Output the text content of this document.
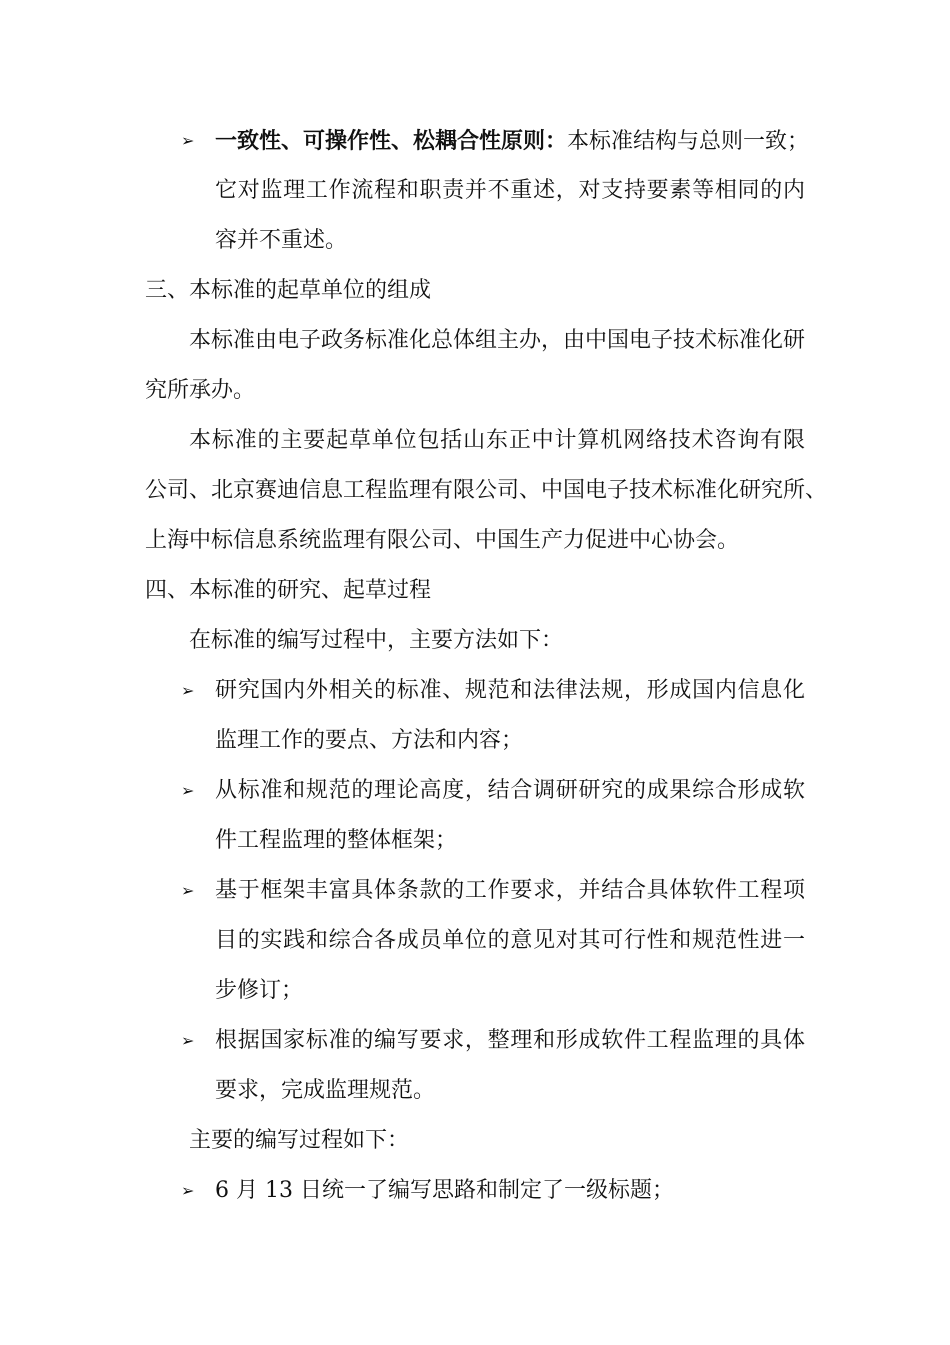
➢ 一致性、可操作性、松耦合性原则：本标准结构与总则一致；
它对监理工作流程和职责并不重述，对支持要素等相同的内
容并不重述。
三、本标准的起草单位的组成
本标准由电子政务标准化总体组主办，由中国电子技术标准化研
究所承办。
本标准的主要起草单位包括山东正中计算机网络技术咨询有限
公司、北京赛迪信息工程监理有限公司、中国电子技术标准化研究所、
上海中标信息系统监理有限公司、中国生产力促进中心协会。
四、本标准的研究、起草过程
在标准的编写过程中，主要方法如下：
➢ 研究国内外相关的标准、规范和法律法规，形成国内信息化
监理工作的要点、方法和内容；
➢ 从标准和规范的理论高度，结合调研研究的成果综合形成软
件工程监理的整体框架；
➢ 基于框架丰富具体条款的工作要求，并结合具体软件工程项
目的实践和综合各成员单位的意见对其可行性和规范性进一
步修订；
➢ 根据国家标准的编写要求，整理和形成软件工程监理的具体
要求，完成监理规范。
主要的编写过程如下：
➢ 6 月 13 日统一了编写思路和制定了一级标题；
